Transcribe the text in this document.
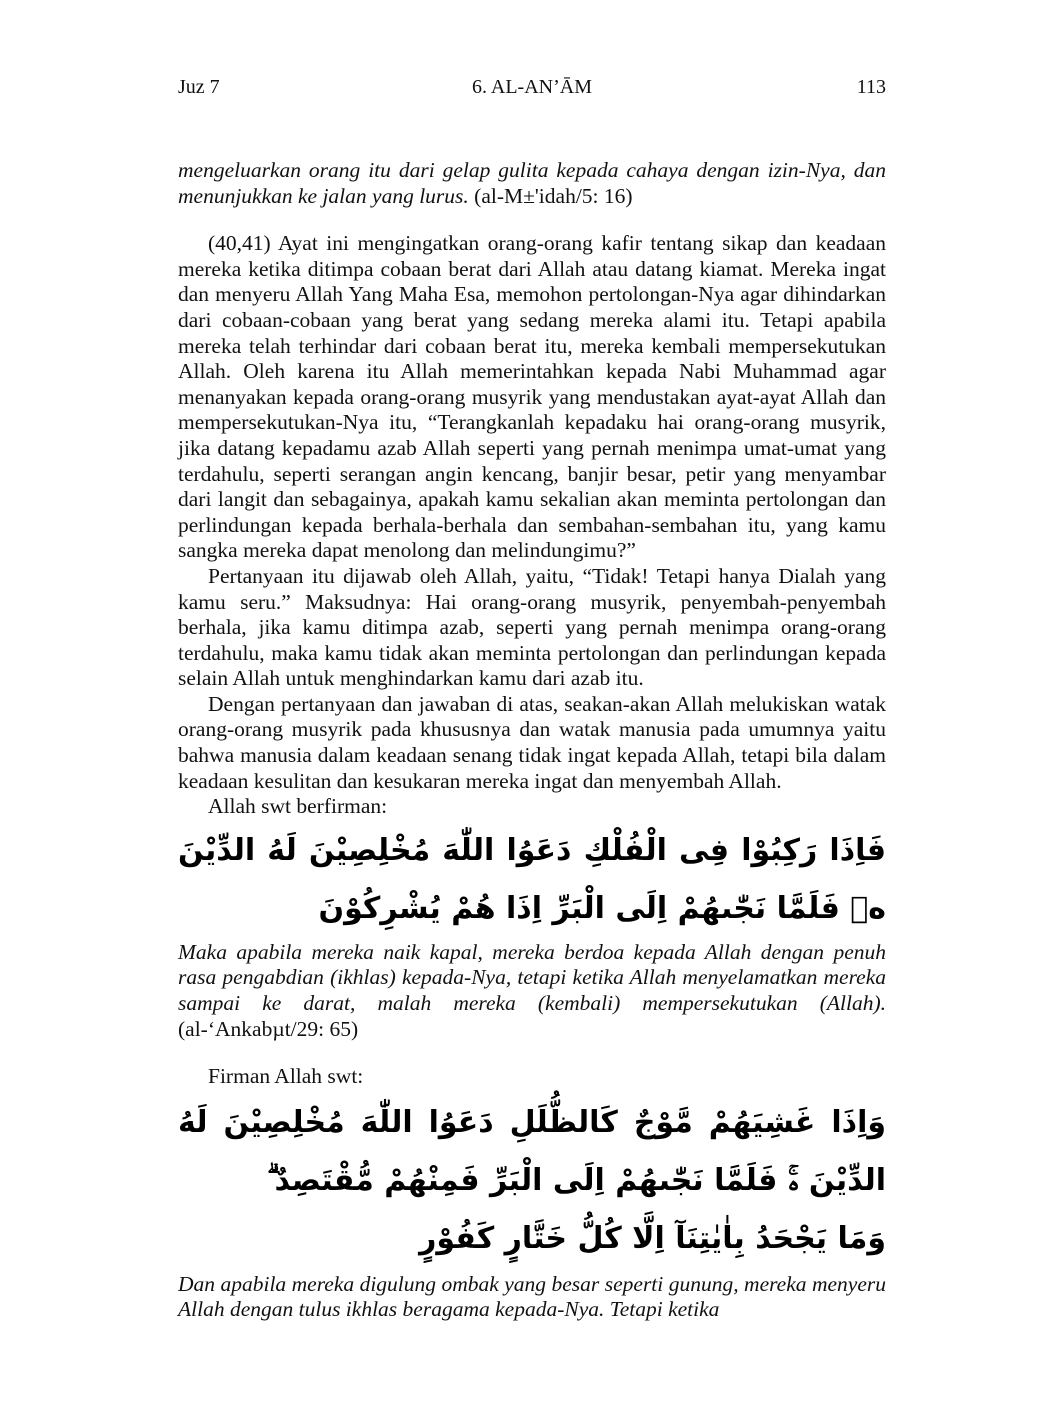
Juz 7	6. AL-AN’ĀM	113

mengeluarkan orang itu dari gelap gulita kepada cahaya dengan izin-Nya, dan menunjukkan ke jalan yang lurus. (al-M±'idah/5: 16)

(40,41) Ayat ini mengingatkan orang-orang kafir tentang sikap dan keadaan mereka ketika ditimpa cobaan berat dari Allah atau datang kiamat. Mereka ingat dan menyeru Allah Yang Maha Esa, memohon pertolongan-Nya agar dihindarkan dari cobaan-cobaan yang berat yang sedang mereka alami itu. Tetapi apabila mereka telah terhindar dari cobaan berat itu, mereka kembali mempersekutukan Allah. Oleh karena itu Allah memerintahkan kepada Nabi Muhammad agar menanyakan kepada orang-orang musyrik yang mendustakan ayat-ayat Allah dan mempersekutukan-Nya itu, “Terangkanlah kepadaku hai orang-orang musyrik, jika datang kepadamu azab Allah seperti yang pernah menimpa umat-umat yang terdahulu, seperti serangan angin kencang, banjir besar, petir yang menyambar dari langit dan sebagainya, apakah kamu sekalian akan meminta pertolongan dan perlindungan kepada berhala-berhala dan sembahan-sembahan itu, yang kamu sangka mereka dapat menolong dan melindungimu?”

Pertanyaan itu dijawab oleh Allah, yaitu, “Tidak! Tetapi hanya Dialah yang kamu seru.” Maksudnya: Hai orang-orang musyrik, penyembah-penyembah berhala, jika kamu ditimpa azab, seperti yang pernah menimpa orang-orang terdahulu, maka kamu tidak akan meminta pertolongan dan perlindungan kepada selain Allah untuk menghindarkan kamu dari azab itu.

Dengan pertanyaan dan jawaban di atas, seakan-akan Allah melukiskan watak orang-orang musyrik pada khususnya dan watak manusia pada umumnya yaitu bahwa manusia dalam keadaan senang tidak ingat kepada Allah, tetapi bila dalam keadaan kesulitan dan kesukaran mereka ingat dan menyembah Allah.

Allah swt berfirman:

فَاِذَا رَكِبُوْا فِى الْفُلْكِ دَعَوُا اللّٰهَ مُخْلِصِيْنَ لَهُ الدِّيْنَ ەۚ فَلَمَّا نَجّٰىهُمْ اِلَى الْبَرِّ اِذَا هُمْ يُشْرِكُوْنَ

Maka apabila mereka naik kapal, mereka berdoa kepada Allah dengan penuh rasa pengabdian (ikhlas) kepada-Nya, tetapi ketika Allah menyelamatkan mereka sampai ke darat, malah mereka (kembali) mempersekutukan (Allah). (al-‘Ankabµt/29: 65)

Firman Allah swt:

وَاِذَا غَشِيَهُمْ مَّوْجٌ كَالظُّلَلِ دَعَوُا اللّٰهَ مُخْلِصِيْنَ لَهُ الدِّيْنَ ەۚ فَلَمَّا نَجّٰىهُمْ اِلَى الْبَرِّ فَمِنْهُمْ مُّقْتَصِدٌ ۗ
وَمَا يَجْحَدُ بِاٰيٰتِنَآ اِلَّا كُلُّ خَتَّارٍ كَفُوْرٍ

Dan apabila mereka digulung ombak yang besar seperti gunung, mereka menyeru Allah dengan tulus ikhlas beragama kepada-Nya. Tetapi ketika
